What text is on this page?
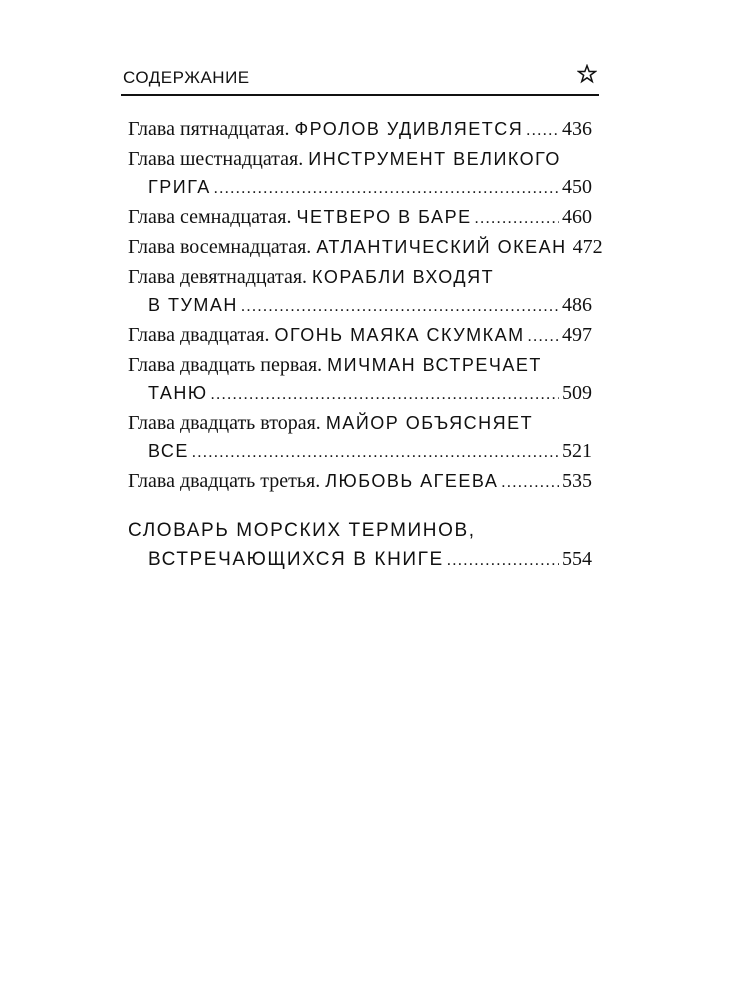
СОДЕРЖАНИЕ
Глава пятнадцатая.
ФРОЛОВ УДИВЛЯЕТСЯ ..... 436
Глава шестнадцатая.
ИНСТРУМЕНТ ВЕЛИКОГО
ГРИГА .....	450
Глава семнадцатая.
ЧЕТВЕРО В БАРЕ .....	460
Глава восемнадцатая.
АТЛАНТИЧЕСКИЙ ОКЕАН 472
Глава девятнадцатая.
КОРАБЛИ ВХОДЯТ
В ТУМАН .....	486
Глава двадцатая.
ОГОНЬ МАЯКА СКУМКАМ ..... 497
Глава двадцать первая.
МИЧМАН ВСТРЕЧАЕТ
ТАНЮ .....	509
Глава двадцать вторая.
МАЙОР ОБЪЯСНЯЕТ
ВСЕ .....	521
Глава двадцать третья.
ЛЮБОВЬ АГЕЕВА .....	535
СЛОВАРЬ МОРСКИХ ТЕРМИНОВ,
ВСТРЕЧАЮЩИХСЯ В КНИГЕ .....	554
